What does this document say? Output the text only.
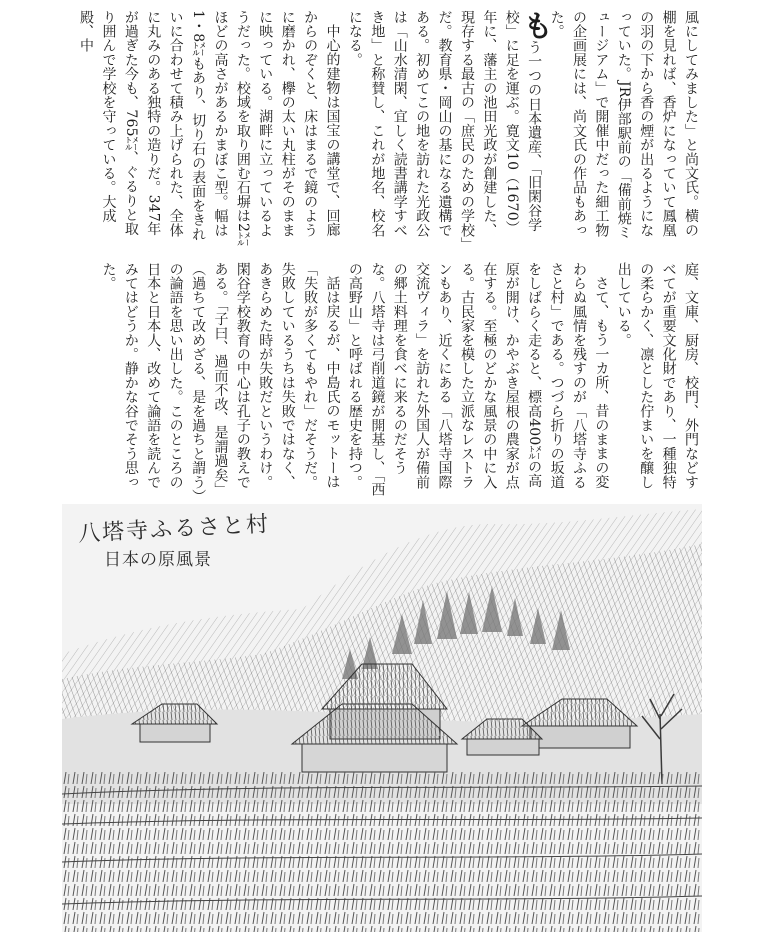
風にしてみました」と尚文氏。横の棚を見れば、香炉になっていて鳳凰の羽の下から香の煙が出るようになっていた。JR伊部駅前の「備前焼ミュージアム」で開催中だった細工物の企画展には、尚文氏の作品もあった。

もう一つの日本遺産、「旧閑谷学校」に足を運ぶ。寛文10（1670）年に、藩主の池田光政が創建した、現存する最古の「庶民のための学校」だ。教育県・岡山の基になる遺構である。初めてこの地を訪れた光政公は「山水清閑、宜しく読書講学すべき地」と称賛し、これが地名、校名になる。

中心的建物は国宝の講堂で、回廊からのぞくと、床はまるで鏡のように磨かれ、欅の太い丸柱がそのままに映っている。湖畔に立っているようだった。校域を取り囲む石塀は2㍍ほどの高さがあるかまぼこ型。幅は1・8㍍もあり、切り石の表面をきれいに合わせて積み上げられた、全体に丸みのある独特の造りだ。347年が過ぎた今も、765㍍、ぐるりと取り囲んで学校を守っている。大成殿、中

庭、文庫、厨房、校門、外門などすべてが重要文化財であり、一種独特の柔らかく、凛とした佇まいを醸し出している。

さて、もう一カ所、昔のままの変わらぬ風情を残すのが「八塔寺ふるさと村」である。つづら折りの坂道をしばらく走ると、標高400㍍の高原が開け、かやぶき屋根の農家が点在する。至極のどかな風景の中に入る。古民家を模した立派なレストランもあり、近くにある「八塔寺国際交流ヴィラ」を訪れた外国人が備前の郷土料理を食べに来るのだそうな。八塔寺は弓削道鏡が開基し、「西の高野山」と呼ばれる歴史を持つ。

話は戻るが、中島氏のモットーは「失敗が多くてもやれ」だそうだ。失敗しているうちは失敗ではなく、あきらめた時が失敗だというわけ。閑谷学校教育の中心は孔子の教えである。「子曰、過而不改、是謂過矣」（過ちて改めざる、是を過ちと謂う）の論語を思い出した。このところの日本と日本人、改めて論語を読んでみてはどうか。静かな谷でそう思った。

八塔寺ふるさと村
日本の原風景
